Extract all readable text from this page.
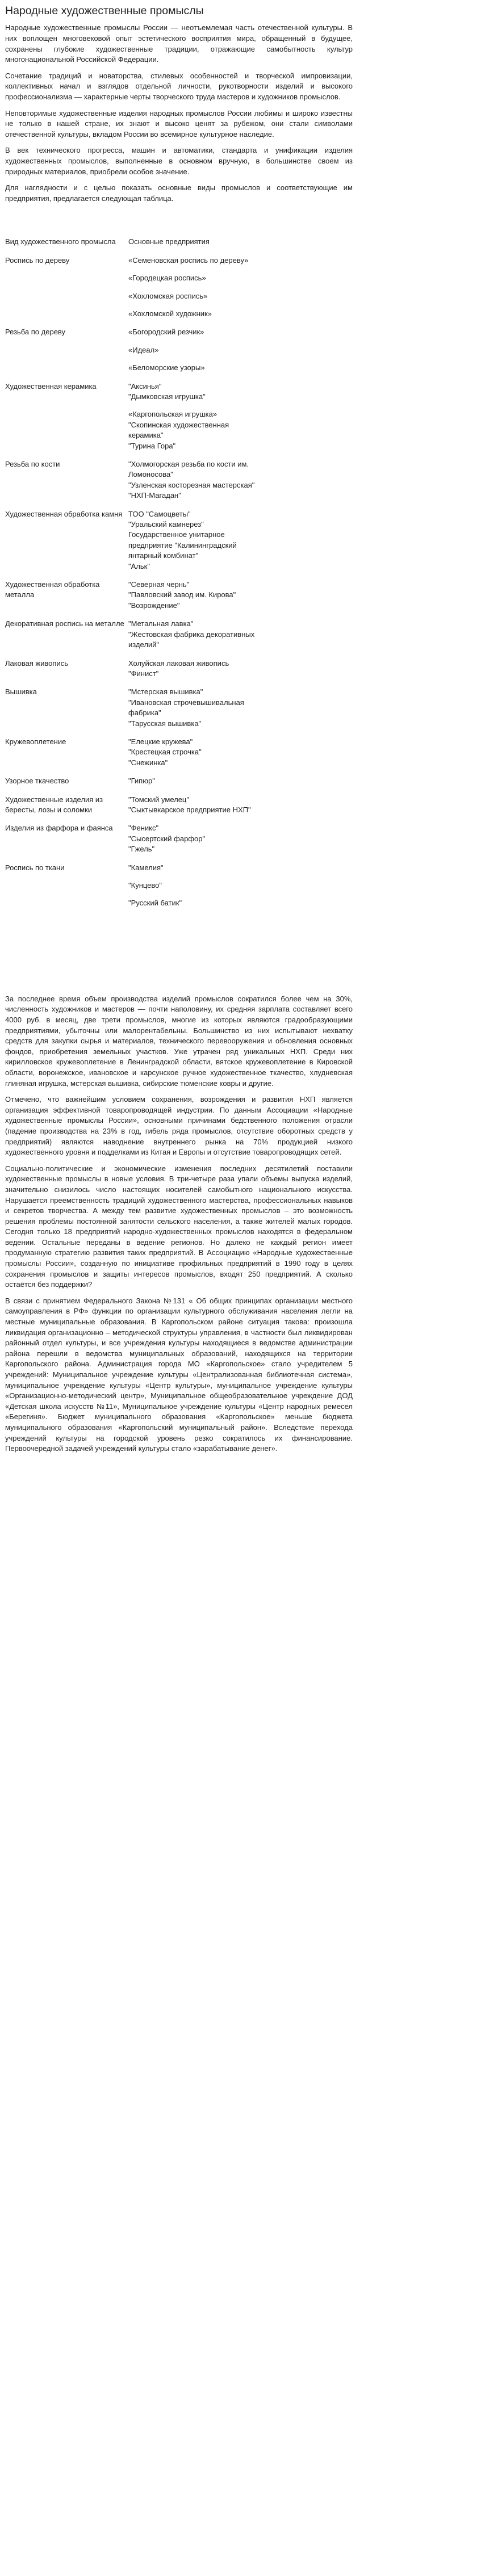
Народные художественные промыслы

Народные художественные промыслы России — неотъемлемая часть отечественной культуры. В них воплощен многовековой опыт эстетического восприятия мира, обращенный в будущее, сохранены глубокие художественные традиции, отражающие самобытность культур многонациональной Российской Федерации.

Сочетание традиций и новаторства, стилевых особенностей и творческой импровизации, коллективных начал и взглядов отдельной личности, рукотворности изделий и высокого профессионализма — характерные черты творческого труда мастеров и художников промыслов.

Неповторимые художественные изделия народных промыслов России любимы и широко известны не только в нашей стране, их знают и высоко ценят за рубежом, они стали символами отечественной культуры, вкладом России во всемирное культурное наследие.

В век технического прогресса, машин и автоматики, стандарта и унификации изделия художественных промыслов, выполненные в основном вручную, в большинстве своем из природных материалов, приобрели особое значение.

Для наглядности и с целью показать основные виды промыслов и соответствующие им предприятия, предлагается следующая таблица.

Вид художественного промысла	Основные предприятия
Роспись по дереву	«Семеновская роспись по дереву»
«Городецкая роспись»
«Хохломская роспись»
«Хохломской художник»

Резьба по дереву	«Богородский резчик»
«Идеал»
«Беломорские узоры»

Художественная керамика	"Аксинья"
"Дымковская игрушка"
«Каргопольская игрушка»
"Скопинская художественная керамика"
"Турина Гора"

Резьба по кости	"Холмогорская резьба по кости им. Ломоносова"
"Узленская косторезная мастерская"
"НХП-Магадан"

Художественная обработка камня	ТОО "Самоцветы"
"Уральский камнерез"
Государственное унитарное предприятие "Калининградский янтарный комбинат"
"Альк"

Художественная обработка металла	"Северная чернь"
"Павловский завод им. Кирова"
"Возрождение"

Декоративная роспись на металле	"Метальная лавка"
"Жестовская фабрика декоративных изделий"

Лаковая живопись	Холуйская лаковая живопись "Финист"

Вышивка	"Мстерская вышивка"
"Ивановская строчевышивальная фабрика"
"Тарусская вышивка"

Кружевоплетение	"Елецкие кружева"
"Крестецкая строчка"
"Снежинка"

Узорное ткачество	"Гипюр"

Художественные изделия из бересты, лозы и соломки	"Томский умелец"
"Сыктывкарское предприятие НХП"

Изделия из фарфора и фаянса	"Феникс"
"Сысертский фарфор"
"Гжель"

Роспись по ткани	"Камелия"
"Кунцево"
"Русский батик"

За последнее время объем производства изделий промыслов сократился более чем на 30%, численность художников и мастеров — почти наполовину, их средняя зарплата составляет всего 4000 руб. в месяц, две трети промыслов, многие из которых являются градообразующими предприятиями, убыточны или малорентабельны. Большинство из них испытывают нехватку средств для закупки сырья и материалов, технического перевооружения и обновления основных фондов, приобретения земельных участков. Уже утрачен ряд уникальных НХП. Среди них кирилловское кружевоплетение в Ленинградской области, вятское кружевоплетение в Кировской области, воронежское, ивановское и карсунское ручное художественное ткачество, хлудневская глиняная игрушка, мстерская вышивка, сибирские тюменские ковры и другие.

Отмечено, что важнейшим условием сохранения, возрождения и развития НХП является организация эффективной товаропроводящей индустрии. По данным Ассоциации «Народные художественные промыслы России», основными причинами бедственного положения отрасли (падение производства на 23% в год, гибель ряда промыслов, отсутствие оборотных средств у предприятий) являются наводнение внутреннего рынка на 70% продукцией низкого художественного уровня и подделками из Китая и Европы и отсутствие товаропроводящих сетей.

Социально-политические и экономические изменения последних десятилетий поставили художественные промыслы в новые условия. В три-четыре раза упали объемы выпуска изделий, значительно снизилось число настоящих носителей самобытного национального искусства. Нарушается преемственность традиций художественного мастерства, профессиональных навыков и секретов творчества. А между тем развитие художественных промыслов – это возможность решения проблемы постоянной занятости сельского населения, а также жителей малых городов. Сегодня только 18 предприятий народно-художественных промыслов находятся в федеральном ведении. Остальные переданы в ведение регионов. Но далеко не каждый регион имеет продуманную стратегию развития таких предприятий. В Ассоциацию «Народные художественные промыслы России», созданную по инициативе профильных предприятий в 1990 году в целях сохранения промыслов и защиты интересов промыслов, входят 250 предприятий. А сколько остаётся без поддержки?

В связи с принятием Федерального Закона №131 « Об общих принципах организации местного самоуправления в РФ» функции по организации культурного обслуживания населения легли на местные муниципальные образования. В Каргопольском районе ситуация такова: произошла ликвидация организационно – методической структуры управления, в частности был ликвидирован районный отдел культуры, и все учреждения культуры находящиеся в ведомстве администрации района перешли в ведомства муниципальных образований, находящихся на территории Каргопольского района. Администрация города МО «Каргопольское» стало учредителем 5 учреждений: Муниципальное учреждение культуры «Централизованная библиотечная система», муниципальное учреждение культуры «Центр культуры», муниципальное учреждение культуры «Организационно-методический центр», Муниципальное общеобразовательное учреждение ДОД «Детская школа искусств №11», Муниципальное учреждение культуры «Центр народных ремесел «Берегиня». Бюджет муниципального образования «Каргопольское» меньше бюджета муниципального образования «Каргопольский муниципальный район». Вследствие перехода учреждений культуры на городской уровень резко сократилось их финансирование. Первоочередной задачей учреждений культуры стало «зарабатывание денег».
